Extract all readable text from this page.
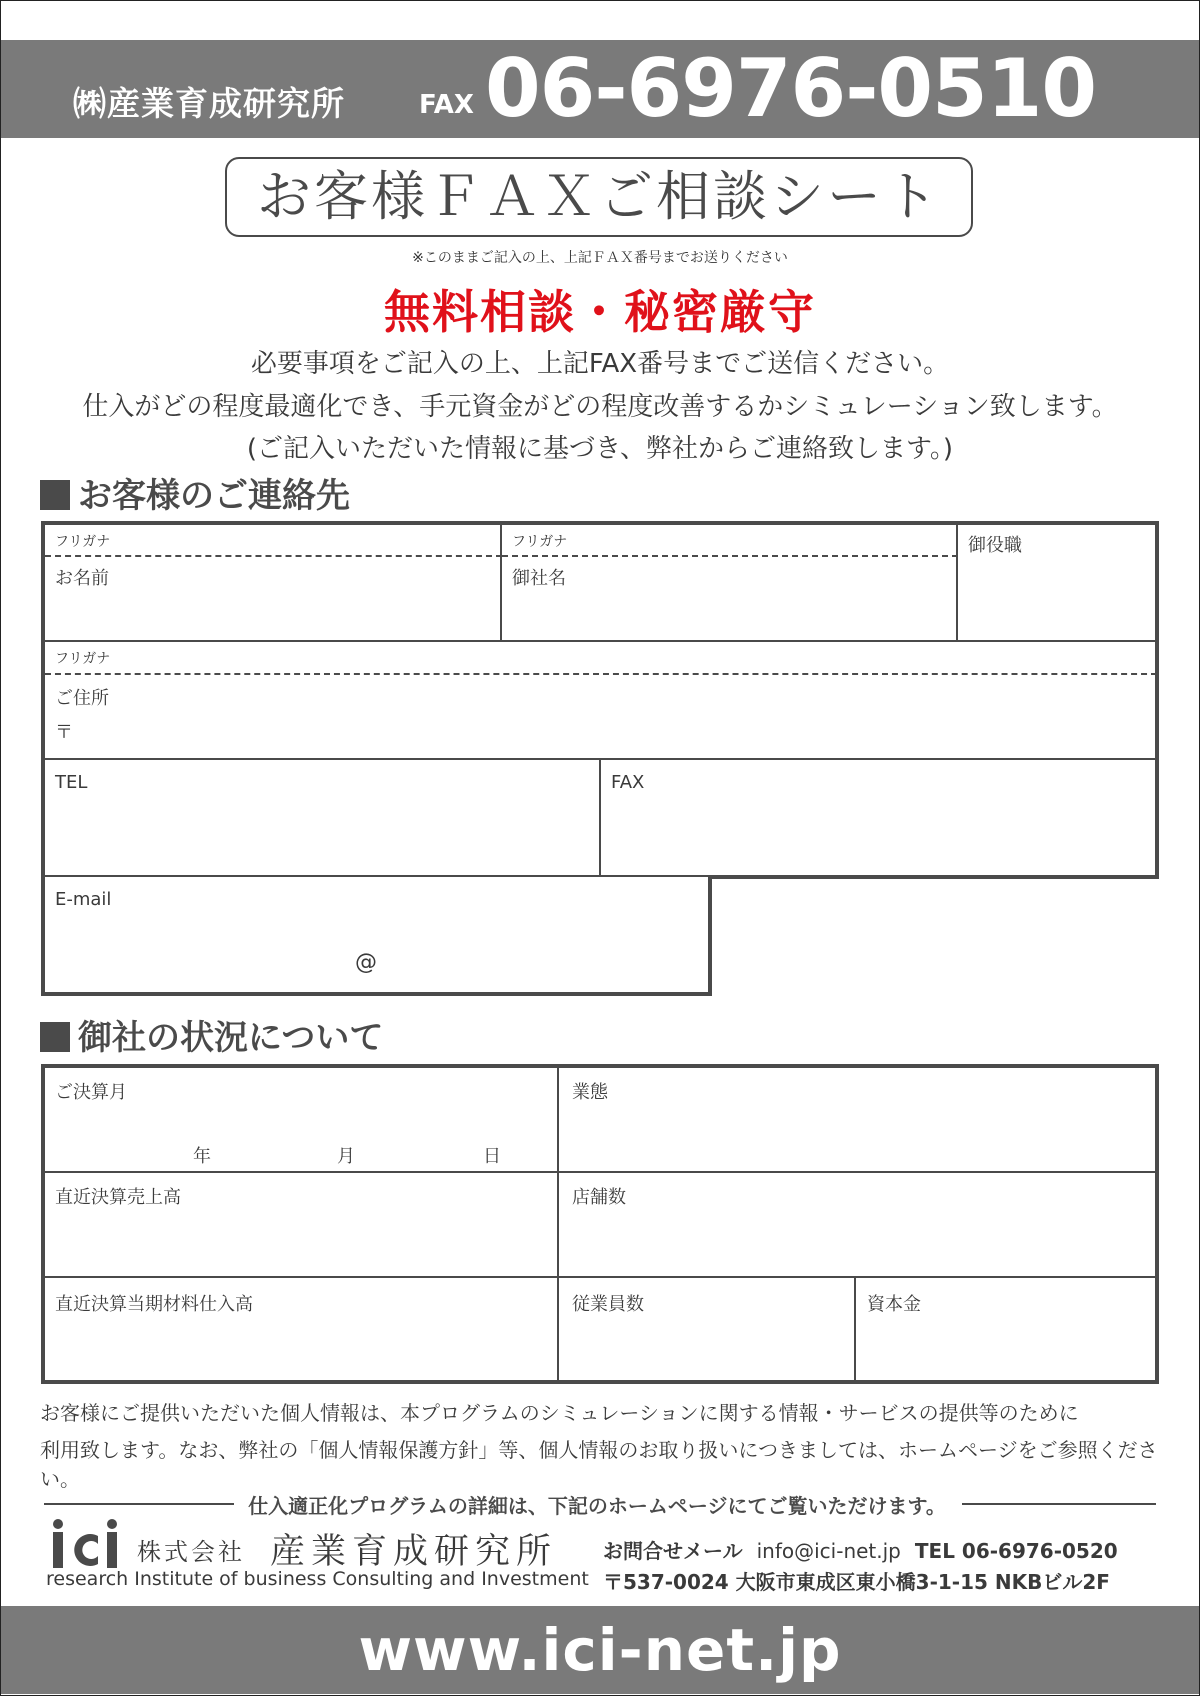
㈱産業育成研究所	FAX 06-6976-0510
お客様ＦＡＸご相談シート
※このままご記入の上、上記ＦＡＸ番号までお送りください
無料相談・秘密厳守
必要事項をご記入の上、上記FAX番号までご送信ください。
仕入がどの程度最適化でき、手元資金がどの程度改善するかシミュレーション致します。
(ご記入いただいた情報に基づき、弊社からご連絡致します。)
お客様のご連絡先
フリガナ
お名前
フリガナ
御社名
御役職
フリガナ
ご住所
〒
TEL	FAX
E-mail
@
御社の状況について
ご決算月
年	月	日
業態
直近決算売上高	店舗数
直近決算当期材料仕入高	従業員数	資本金
お客様にご提供いただいた個人情報は、本プログラムのシミュレーションに関する情報・サービスの提供等のために
利用致します。なお、弊社の「個人情報保護方針」等、個人情報のお取り扱いにつきましては、ホームページをご参照ください。
仕入適正化プログラムの詳細は、下記のホームページにてご覧いただけます。
株式会社 産業育成研究所
research Institute of business Consulting and Investment
お問合せメール info@ici-net.jp TEL 06-6976-0520
〒537-0024 大阪市東成区東小橋3-1-15 NKBビル2F
www.ici-net.jp
